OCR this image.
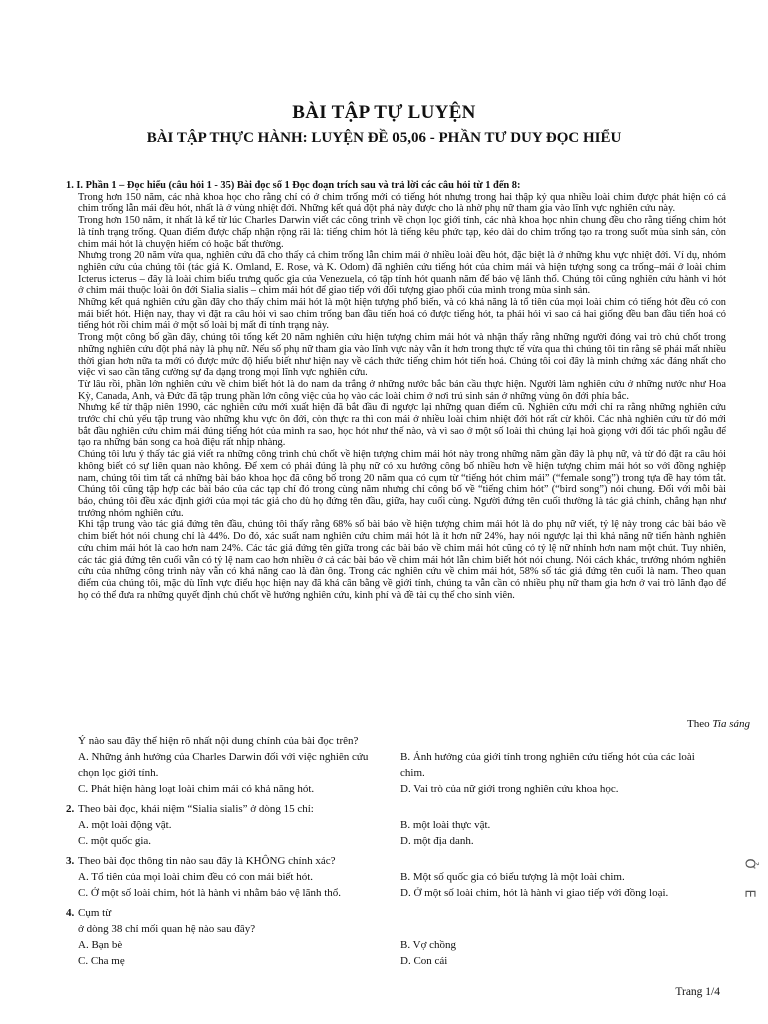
BÀI TẬP TỰ LUYỆN
BÀI TẬP THỰC HÀNH: LUYỆN ĐỀ 05,06 - PHẦN TƯ DUY ĐỌC HIỂU

1. I. Phần 1 – Đọc hiểu (câu hỏi 1 - 35) Bài đọc số 1 Đọc đoạn trích sau và trả lời các câu hỏi từ 1 đến 8:

Trong hơn 150 năm, các nhà khoa học cho rằng chỉ có ở chim trống mới có tiếng hót nhưng trong hai thập kỷ qua nhiều loài chim được phát hiện có cả chim trống lẫn mái đều hót, nhất là ở vùng nhiệt đới. Những kết quả đột phá này được cho là nhờ phụ nữ tham gia vào lĩnh vực nghiên cứu này.

Trong hơn 150 năm, ít nhất là kể từ lúc Charles Darwin viết các công trình về chọn lọc giới tính, các nhà khoa học nhìn chung đều cho rằng tiếng chim hót là tính trạng trống. Quan điểm được chấp nhận rộng rãi là: tiếng chim hót là tiếng kêu phức tạp, kéo dài do chim trống tạo ra trong suốt mùa sinh sản, còn chim mái hót là chuyện hiếm có hoặc bất thường.

Nhưng trong 20 năm vừa qua, nghiên cứu đã cho thấy cả chim trống lẫn chim mái ở nhiều loài đều hót, đặc biệt là ở những khu vực nhiệt đới. Ví dụ, nhóm nghiên cứu của chúng tôi (tác giả K. Omland, E. Rose, và K. Odom) đã nghiên cứu tiếng hót của chim mái và hiện tượng song ca trống–mái ở loài chim Icterus icterus – đây là loài chim biểu trưng quốc gia của Venezuela, có tập tính hót quanh năm để bảo vệ lãnh thổ. Chúng tôi cũng nghiên cứu hành vi hót ở chim mái thuộc loài ôn đới Sialia sialis – chim mái hót để giao tiếp với đối tượng giao phối của mình trong mùa sinh sản.

Những kết quả nghiên cứu gần đây cho thấy chim mái hót là một hiện tượng phổ biến, và có khả năng là tổ tiên của mọi loài chim có tiếng hót đều có con mái biết hót. Hiện nay, thay vì đặt ra câu hỏi vì sao chim trống ban đầu tiến hoá có được tiếng hót, ta phải hỏi vì sao cả hai giống đều ban đầu tiến hoá có tiếng hót rồi chim mái ở một số loài bị mất đi tính trạng này.

Trong một công bố gần đây, chúng tôi tổng kết 20 năm nghiên cứu hiện tượng chim mái hót và nhận thấy rằng những người đóng vai trò chủ chốt trong những nghiên cứu đột phá này là phụ nữ. Nếu số phụ nữ tham gia vào lĩnh vực này vẫn ít hơn trong thực tế vừa qua thì chúng tôi tin rằng sẽ phải mất nhiều thời gian hơn nữa ta mới có được mức độ hiểu biết như hiện nay về cách thức tiếng chim hót tiến hoá. Chúng tôi coi đây là minh chứng xác đáng nhất cho việc vì sao cần tăng cường sự đa dạng trong mọi lĩnh vực nghiên cứu.

Từ lâu rồi, phần lớn nghiên cứu về chim biết hót là do nam da trắng ở những nước bắc bán cầu thực hiện. Người làm nghiên cứu ở những nước như Hoa Kỳ, Canada, Anh, và Đức đã tập trung phần lớn công việc của họ vào các loài chim ở nơi trú sinh sản ở những vùng ôn đới phía bắc.

Nhưng kể từ thập niên 1990, các nghiên cứu mới xuất hiện đã bắt đầu đi ngược lại những quan điểm cũ. Nghiên cứu mới chỉ ra rằng những nghiên cứu trước chỉ chủ yếu tập trung vào những khu vực ôn đới, còn thực ra thì con mái ở nhiều loài chim nhiệt đới hót rất cừ khôi. Các nhà nghiên cứu từ đó mới bắt đầu nghiên cứu chim mái đúng tiếng hót của mình ra sao, học hót như thế nào, và vì sao ở một số loài thì chúng lại hoà giọng với đối tác phối ngẫu để tạo ra những bản song ca hoà điệu rất nhịp nhàng.

Chúng tôi lưu ý thấy tác giả viết ra những công trình chủ chốt về hiện tượng chim mái hót này trong những năm gần đây là phụ nữ, và từ đó đặt ra câu hỏi không biết có sự liên quan nào không. Để xem có phải đúng là phụ nữ có xu hướng công bố nhiều hơn về hiện tượng chim mái hót so với đồng nghiệp nam, chúng tôi tìm tất cả những bài báo khoa học đã công bố trong 20 năm qua có cụm từ “tiếng hót chim mái” (“female song”) trong tựa đề hay tóm tắt. Chúng tôi cũng tập hợp các bài báo của các tạp chí đó trong cùng năm nhưng chỉ công bố về “tiếng chim hót” (“bird song”) nói chung. Đối với mỗi bài báo, chúng tôi đều xác định giới của mọi tác giả cho dù họ đứng tên đầu, giữa, hay cuối cùng. Người đứng tên cuối thường là tác giả chính, chẳng hạn như trưởng nhóm nghiên cứu.

Khi tập trung vào tác giả đứng tên đầu, chúng tôi thấy rằng 68% số bài báo về hiện tượng chim mái hót là do phụ nữ viết, tỷ lệ này trong các bài báo về chim biết hót nói chung chỉ là 44%. Do đó, xác suất nam nghiên cứu chim mái hót là ít hơn nữ 24%, hay nói ngược lại thì khả năng nữ tiến hành nghiên cứu chim mái hót là cao hơn nam 24%. Các tác giả đứng tên giữa trong các bài báo về chim mái hót cũng có tỷ lệ nữ nhỉnh hơn nam một chút. Tuy nhiên, các tác giả đứng tên cuối vẫn có tỷ lệ nam cao hơn nhiều ở cả các bài báo về chim mái hót lẫn chim biết hót nói chung. Nói cách khác, trưởng nhóm nghiên cứu của những công trình này vẫn có khả năng cao là đàn ông. Trong các nghiên cứu về chim mái hót, 58% số tác giả đứng tên cuối là nam. Theo quan điểm của chúng tôi, mặc dù lĩnh vực điểu học hiện nay đã khá cân bằng về giới tính, chúng ta vẫn cần có nhiều phụ nữ tham gia hơn ở vai trò lãnh đạo để họ có thể đưa ra những quyết định chủ chốt về hướng nghiên cứu, kinh phí và đề tài cụ thể cho sinh viên.

Theo Tia sáng
Ý nào sau đây thể hiện rõ nhất nội dung chính của bài đọc trên?
A. Những ảnh hưởng của Charles Darwin đối với việc nghiên cứu chọn lọc giới tính.
B. Ảnh hưởng của giới tính trong nghiên cứu tiếng hót của các loài chim.
C. Phát hiện hàng loạt loài chim mái có khả năng hót.	D. Vai trò của nữ giới trong nghiên cứu khoa học.
2. Theo bài đọc, khái niệm “Sialia sialis” ở dòng 15 chỉ:
A. một loài động vật.	B. một loài thực vật.
C. một quốc gia.	D. một địa danh.
3. Theo bài đọc thông tin nào sau đây là KHÔNG chính xác?
A. Tổ tiên của mọi loài chim đều có con mái biết hót.	B. Một số quốc gia có biểu tượng là một loài chim.
C. Ở một số loài chim, hót là hành vi nhằm bảo vệ lãnh thổ.	D. Ở một số loài chim, hót là hành vi giao tiếp với đồng loại.
4. Cụm từ
ở dòng 38 chỉ mối quan hệ nào sau đây?
A. Bạn bè	B. Vợ chồng
C. Cha mẹ	D. Con cái
Ở
E
Trang 1/4
